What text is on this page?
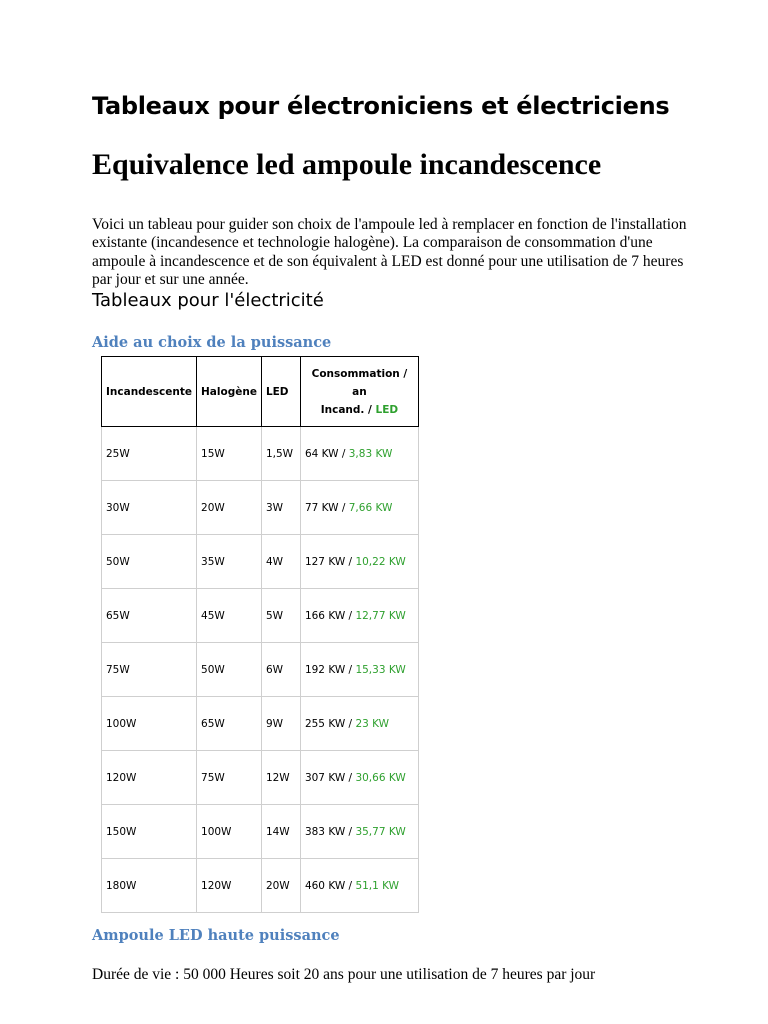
Tableaux pour électroniciens et électriciens
Equivalence led ampoule incandescence

Voici un tableau pour guider son choix de l'ampoule led à remplacer en fonction de l'installation existante (incandesence et technologie halogène). La comparaison de consommation d'une ampoule à incandescence et de son équivalent à LED est donné pour une utilisation de 7 heures par jour et sur une année.

Tableaux pour l'électricité
Aide au choix de la puissance
Incandescente	Halogène	LED	Consommation / an
Incand. / LED
25W	15W	1,5W	64 KW / 3,83 KW
30W	20W	3W	77 KW / 7,66 KW
50W	35W	4W	127 KW / 10,22 KW
65W	45W	5W	166 KW / 12,77 KW
75W	50W	6W	192 KW / 15,33 KW
100W	65W	9W	255 KW / 23 KW
120W	75W	12W	307 KW / 30,66 KW
150W	100W	14W	383 KW / 35,77 KW
180W	120W	20W	460 KW / 51,1 KW
Ampoule LED haute puissance
Durée de vie : 50 000 Heures soit 20 ans pour une utilisation de 7 heures par jour
